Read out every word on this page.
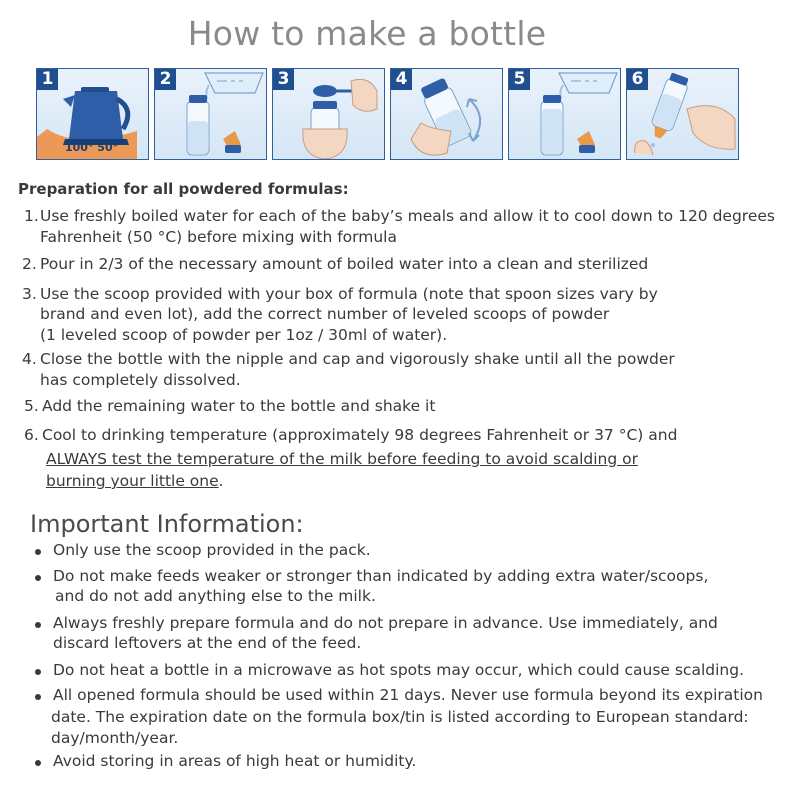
How to make a bottle
100° 50°
1	2	3	4	5	6
Preparation for all powdered formulas:
1. Use freshly boiled water for each of the baby’s meals and allow it to cool down to 120 degrees
Fahrenheit (50 °C) before mixing with formula
2. Pour in 2/3 of the necessary amount of boiled water into a clean and sterilized
3. Use the scoop provided with your box of formula (note that spoon sizes vary by
brand and even lot), add the correct number of leveled scoops of powder
(1 leveled scoop of powder per 1oz / 30ml of water).
4. Close the bottle with the nipple and cap and vigorously shake until all the powder
has completely dissolved.
5. Add the remaining water to the bottle and shake it
6. Cool to drinking temperature (approximately 98 degrees Fahrenheit or 37 °C) and
ALWAYS test the temperature of the milk before feeding to avoid scalding or
burning your little one.
Important Information:
Only use the scoop provided in the pack.
Do not make feeds weaker or stronger than indicated by adding extra water/scoops,
and do not add anything else to the milk.
Always freshly prepare formula and do not prepare in advance. Use immediately, and
discard leftovers at the end of the feed.
Do not heat a bottle in a microwave as hot spots may occur, which could cause scalding.
All opened formula should be used within 21 days. Never use formula beyond its expiration
date. The expiration date on the formula box/tin is listed according to European standard:
day/month/year.
Avoid storing in areas of high heat or humidity.
